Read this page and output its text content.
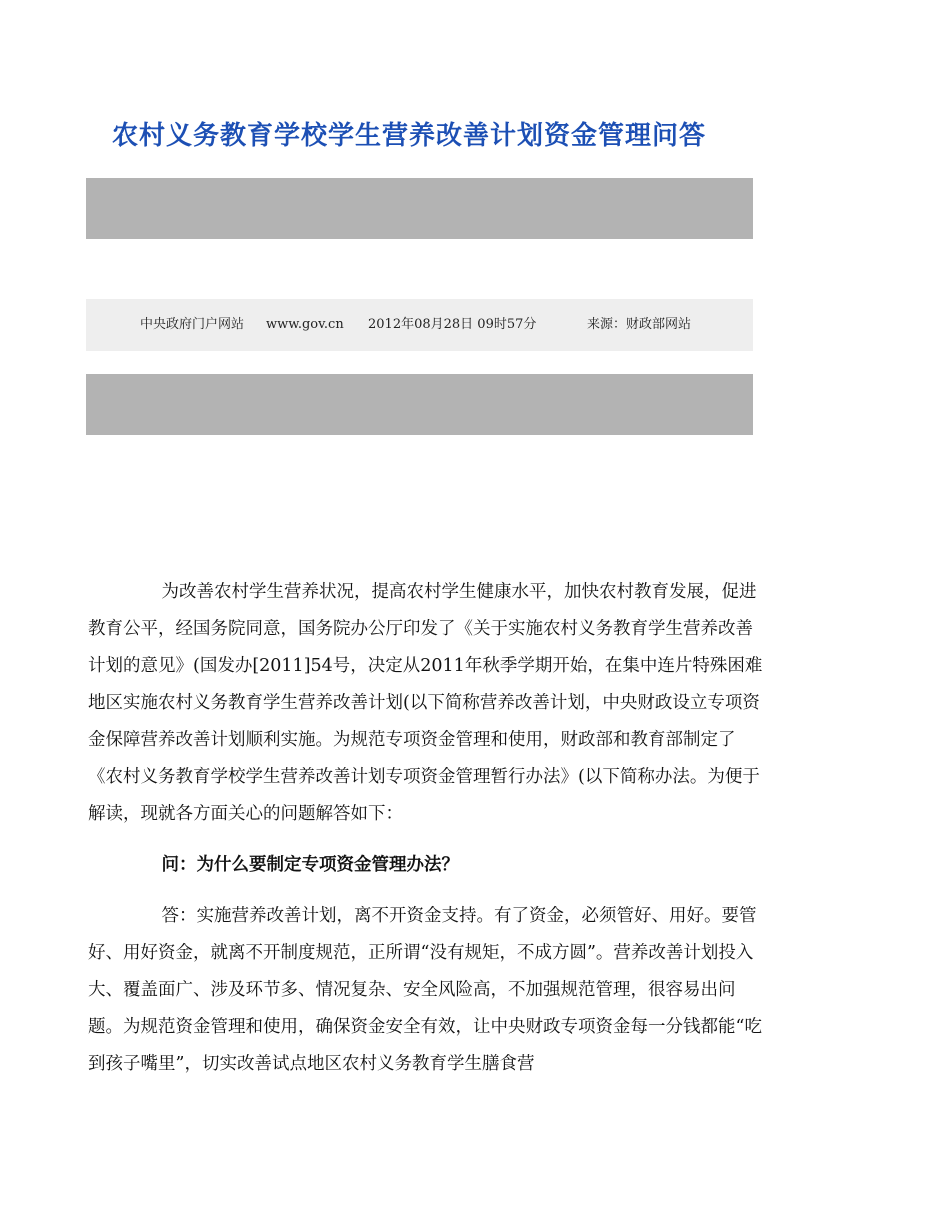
农村义务教育学校学生营养改善计划资金管理问答
中央政府门户网站 www.gov.cn 2012年08月28日 09时57分	来源：财政部网站

为改善农村学生营养状况，提高农村学生健康水平，加快农村教育发展，促进教育公平，经国务院同意，国务院办公厅印发了《关于实施农村义务教育学生营养改善计划的意见》(国发办[2011]54号，决定从2011年秋季学期开始，在集中连片特殊困难地区实施农村义务教育学生营养改善计划(以下简称营养改善计划，中央财政设立专项资金保障营养改善计划顺利实施。为规范专项资金管理和使用，财政部和教育部制定了《农村义务教育学校学生营养改善计划专项资金管理暂行办法》(以下简称办法。为便于解读，现就各方面关心的问题解答如下：

问：为什么要制定专项资金管理办法？

答：实施营养改善计划，离不开资金支持。有了资金，必须管好、用好。要管好、用好资金，就离不开制度规范，正所谓“没有规矩，不成方圆”。营养改善计划投入大、覆盖面广、涉及环节多、情况复杂、安全风险高，不加强规范管理，很容易出问题。为规范资金管理和使用，确保资金安全有效，让中央财政专项资金每一分钱都能“吃到孩子嘴里”，切实改善试点地区农村义务教育学生膳食营
